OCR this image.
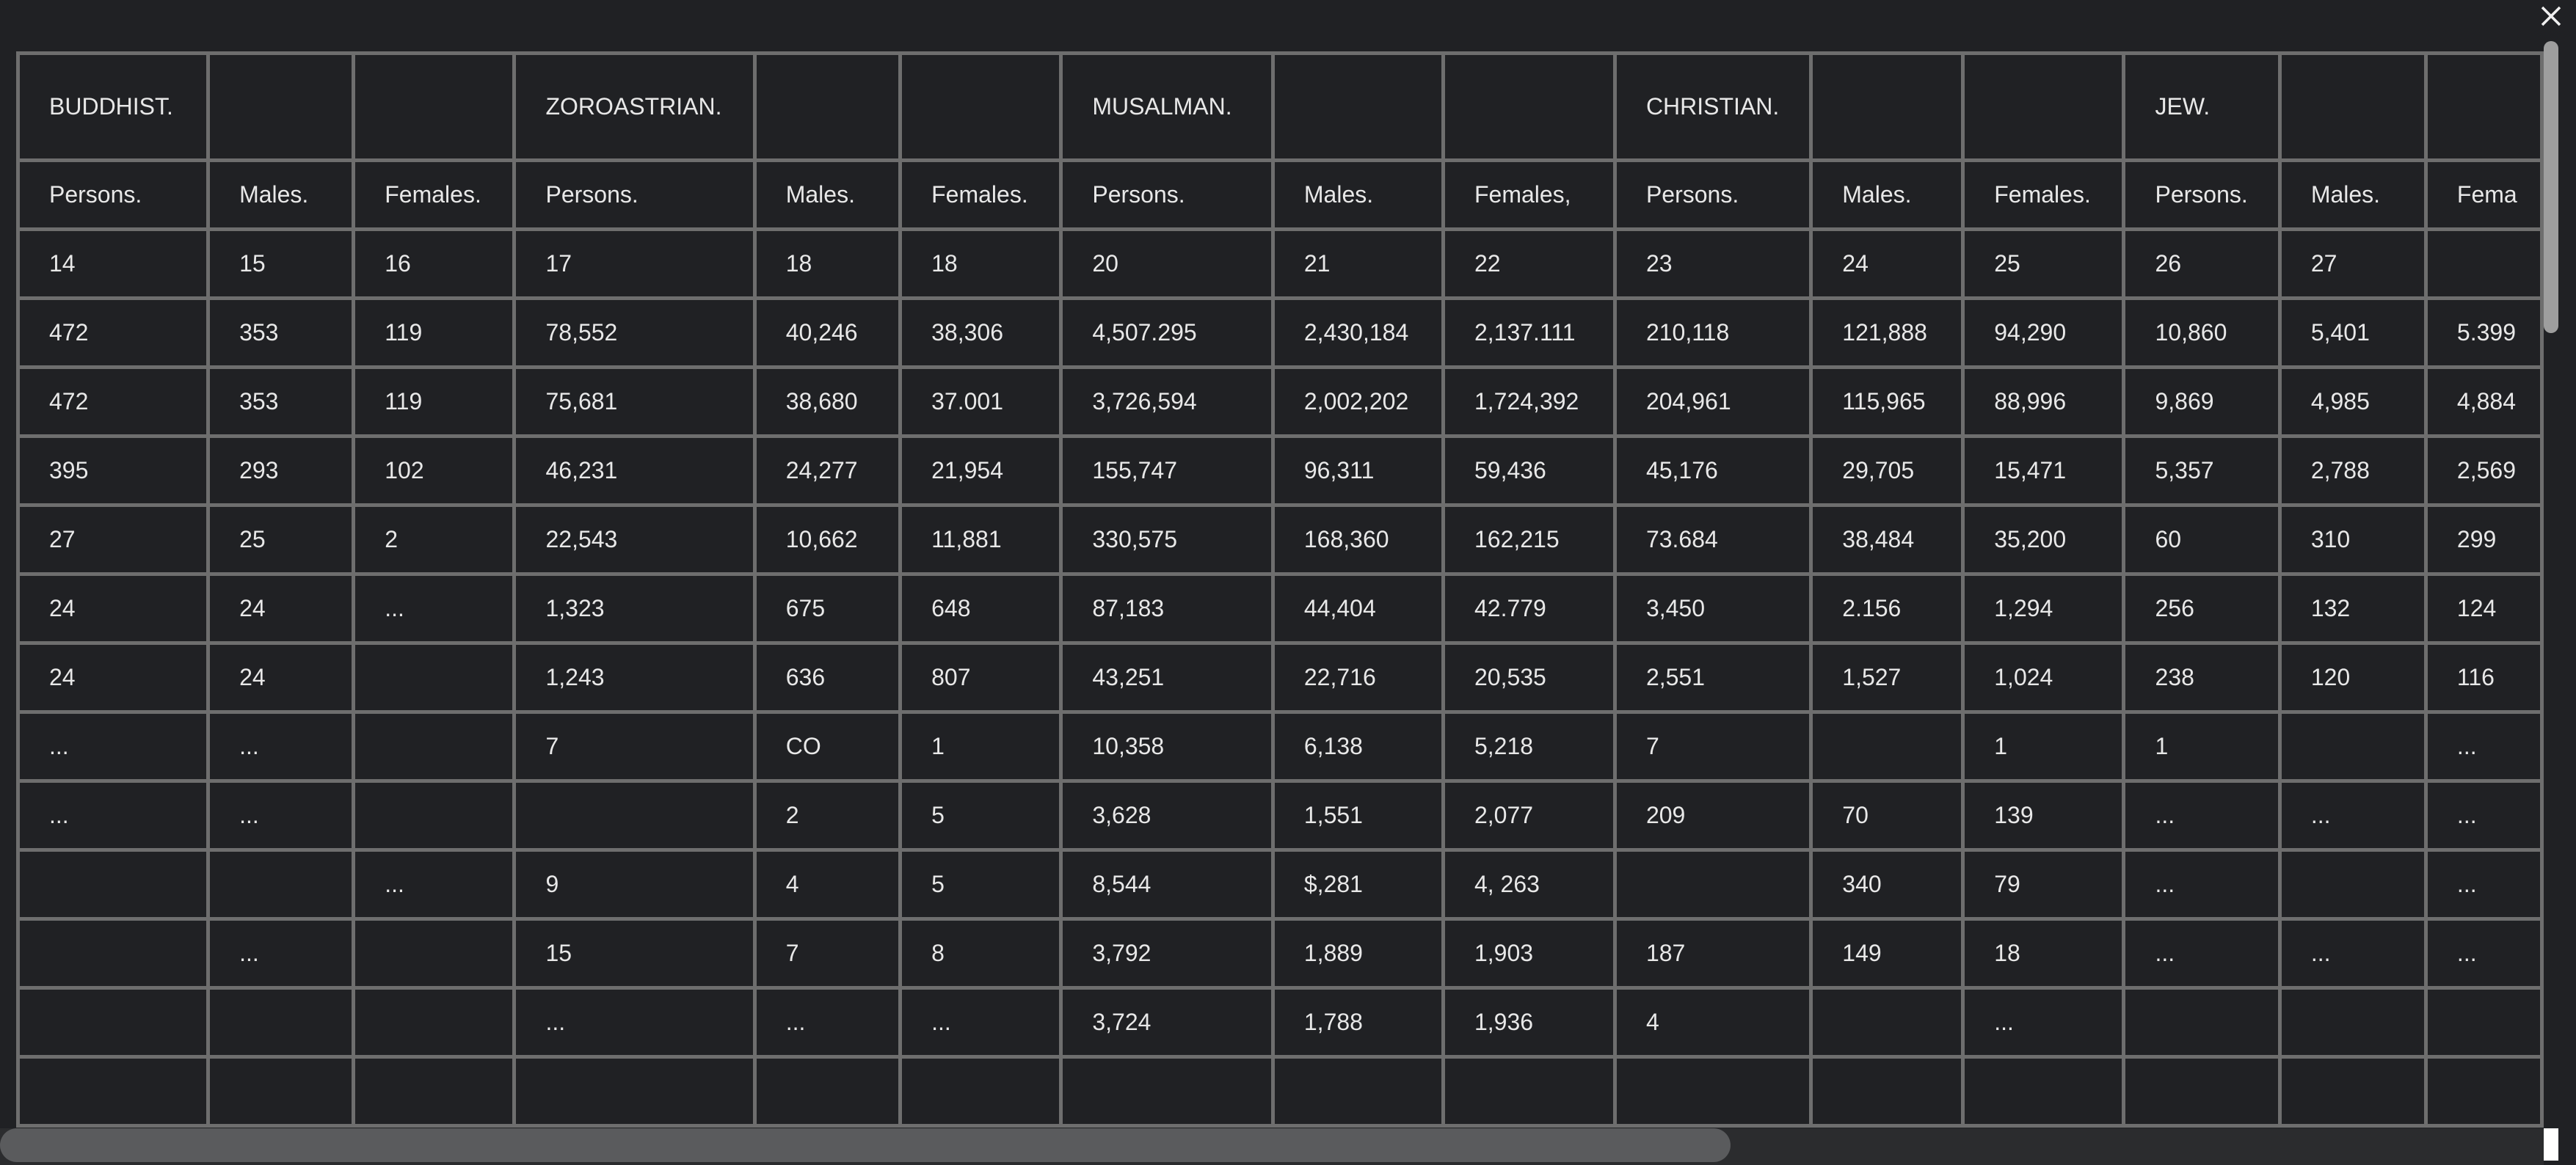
BUDDHIST.			ZOROASTRIAN.			MUSALMAN.			CHRISTIAN.			JEW.		
Persons.	Males.	Females.	Persons.	Males.	Females.	Persons.	Males.	Females,	Persons.	Males.	Females.	Persons.	Males.	Fema
14	15	16	17	18	18	20	21	22	23	24	25	26	27	
472	353	119	78,552	40,246	38,306	4,507.295	2,430,184	2,137.111	210,118	121,888	94,290	10,860	5,401	5.399
472	353	119	75,681	38,680	37.001	3,726,594	2,002,202	1,724,392	204,961	115,965	88,996	9,869	4,985	4,884
395	293	102	46,231	24,277	21,954	155,747	96,311	59,436	45,176	29,705	15,471	5,357	2,788	2,569
27	25	2	22,543	10,662	11,881	330,575	168,360	162,215	73.684	38,484	35,200	60	310	299
24	24	...	1,323	675	648	87,183	44,404	42.779	3,450	2.156	1,294	256	132	124
24	24		1,243	636	807	43,251	22,716	20,535	2,551	1,527	1,024	238	120	116
...	...		7	CO	1	10,358	6,138	5,218	7		1	1		...
...	...			2	5	3,628	1,551	2,077	209	70	139	...	...	...
		...	9	4	5	8,544	$,281	4, 263		340	79	...		...
	...		15	7	8	3,792	1,889	1,903	187	149	18	...	...	...
			...	...	...	3,724	1,788	1,936	4		...			
